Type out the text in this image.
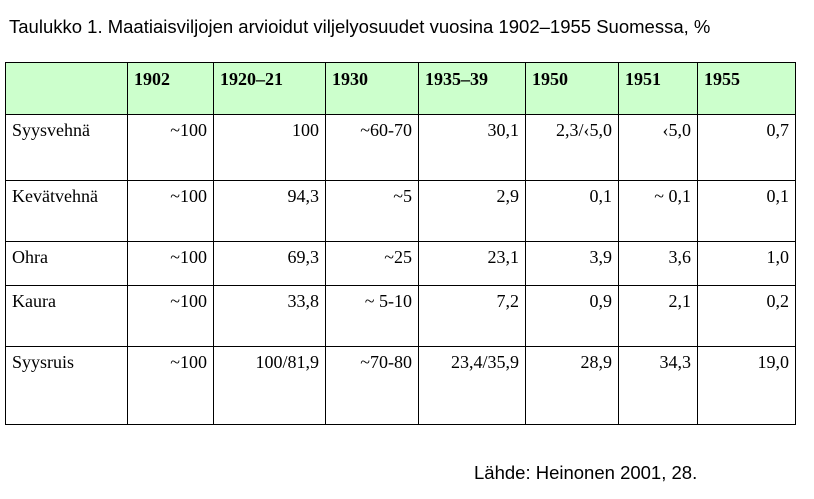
Taulukko 1. Maatiaisviljojen arvioidut viljelyosuudet vuosina 1902–1955 Suomessa, %
	1902	1920–21	1930	1935–39	1950	1951	1955
Syysvehnä	~100	100	~60-70	30,1	2,3/‹5,0	‹5,0	0,7
Kevätvehnä	~100	94,3	~5	2,9	0,1	~ 0,1	0,1
Ohra	~100	69,3	~25	23,1	3,9	3,6	1,0
Kaura	~100	33,8	~ 5-10	7,2	0,9	2,1	0,2
Syysruis	~100	100/81,9	~70-80	23,4/35,9	28,9	34,3	19,0
Lähde: Heinonen 2001, 28.
